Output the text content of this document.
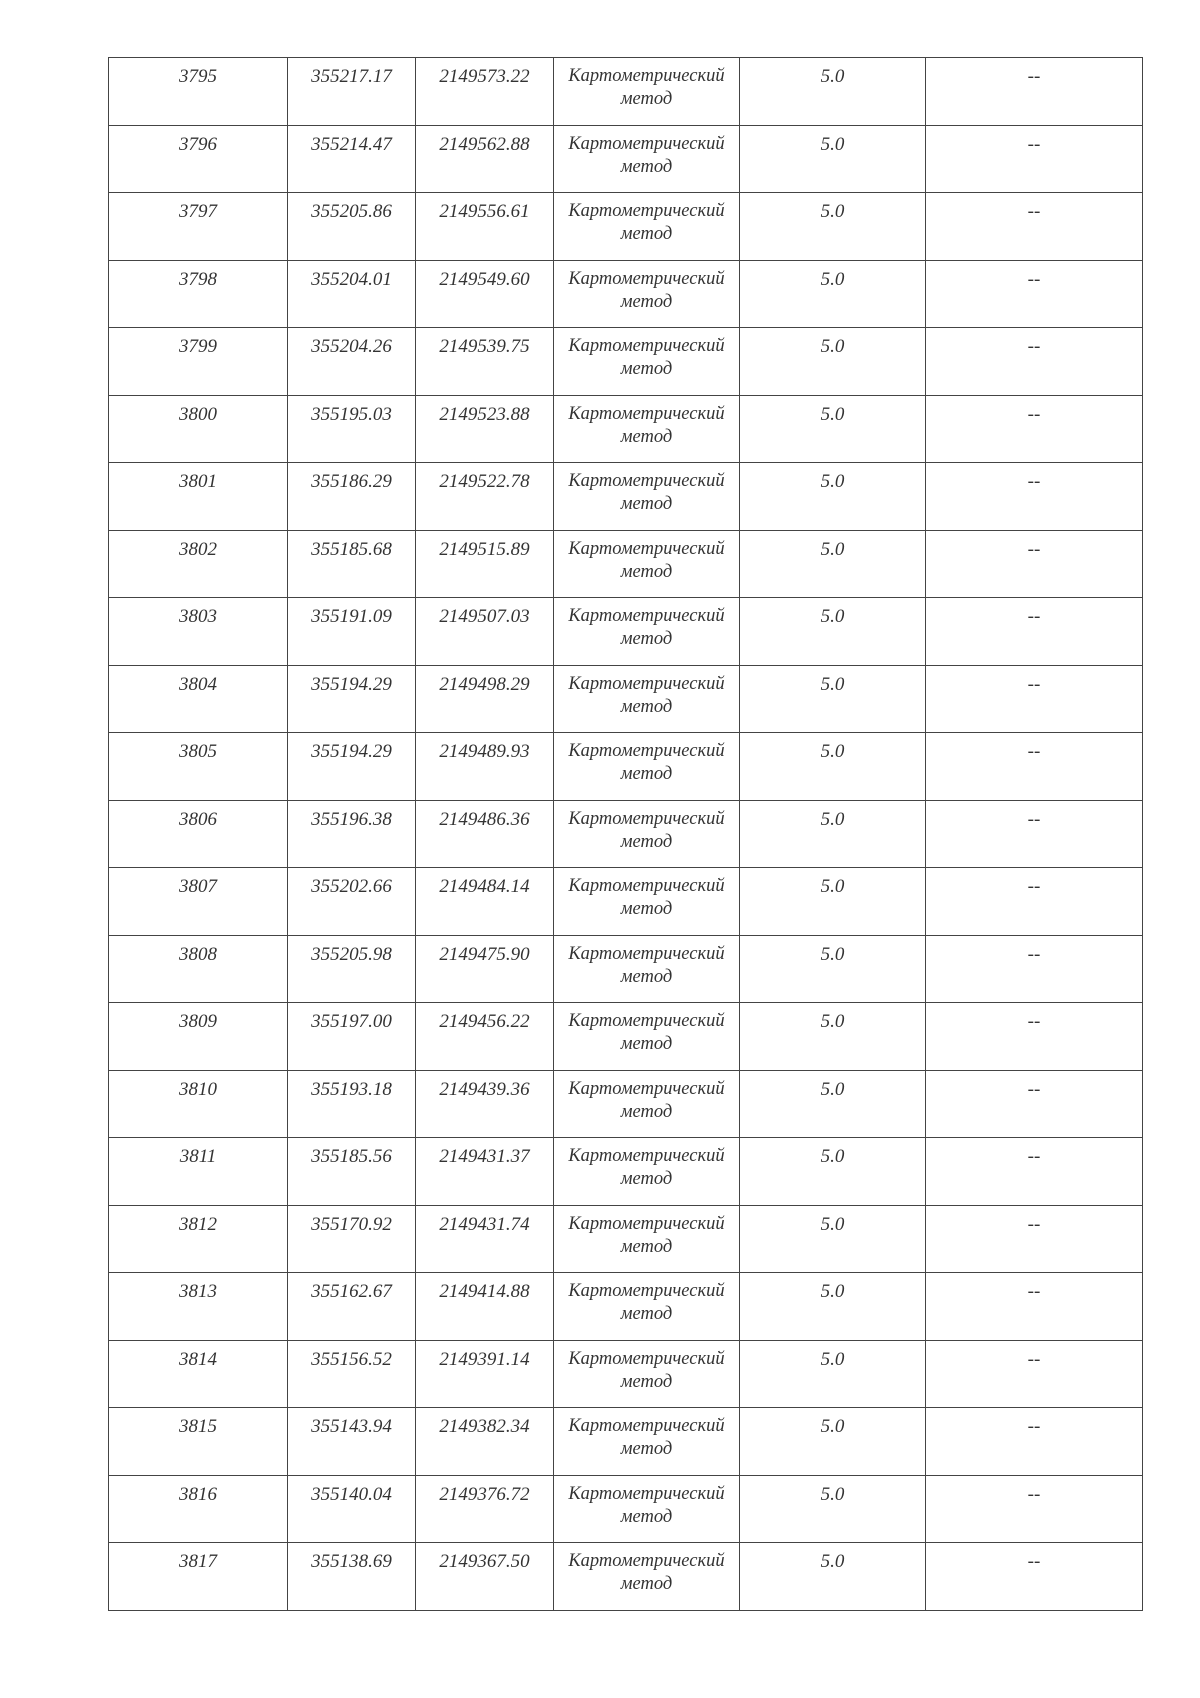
3795	355217.17	2149573.22	Картометрический метод	5.0	--
3796	355214.47	2149562.88	Картометрический метод	5.0	--
3797	355205.86	2149556.61	Картометрический метод	5.0	--
3798	355204.01	2149549.60	Картометрический метод	5.0	--
3799	355204.26	2149539.75	Картометрический метод	5.0	--
3800	355195.03	2149523.88	Картометрический метод	5.0	--
3801	355186.29	2149522.78	Картометрический метод	5.0	--
3802	355185.68	2149515.89	Картометрический метод	5.0	--
3803	355191.09	2149507.03	Картометрический метод	5.0	--
3804	355194.29	2149498.29	Картометрический метод	5.0	--
3805	355194.29	2149489.93	Картометрический метод	5.0	--
3806	355196.38	2149486.36	Картометрический метод	5.0	--
3807	355202.66	2149484.14	Картометрический метод	5.0	--
3808	355205.98	2149475.90	Картометрический метод	5.0	--
3809	355197.00	2149456.22	Картометрический метод	5.0	--
3810	355193.18	2149439.36	Картометрический метод	5.0	--
3811	355185.56	2149431.37	Картометрический метод	5.0	--
3812	355170.92	2149431.74	Картометрический метод	5.0	--
3813	355162.67	2149414.88	Картометрический метод	5.0	--
3814	355156.52	2149391.14	Картометрический метод	5.0	--
3815	355143.94	2149382.34	Картометрический метод	5.0	--
3816	355140.04	2149376.72	Картометрический метод	5.0	--
3817	355138.69	2149367.50	Картометрический метод	5.0	--
